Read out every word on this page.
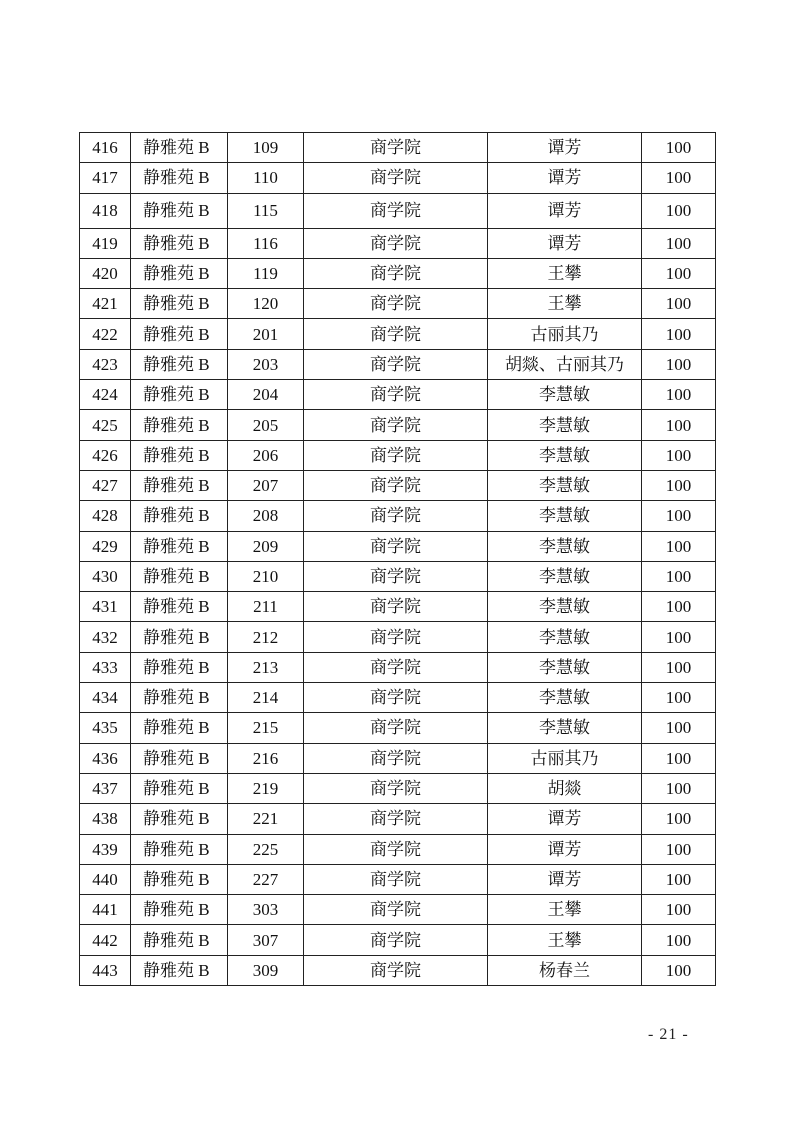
416	静雅苑 B	109	商学院	谭芳	100
417	静雅苑 B	110	商学院	谭芳	100
418	静雅苑 B	115	商学院	谭芳	100
419	静雅苑 B	116	商学院	谭芳	100
420	静雅苑 B	119	商学院	王攀	100
421	静雅苑 B	120	商学院	王攀	100
422	静雅苑 B	201	商学院	古丽其乃	100
423	静雅苑 B	203	商学院	胡燚、古丽其乃	100
424	静雅苑 B	204	商学院	李慧敏	100
425	静雅苑 B	205	商学院	李慧敏	100
426	静雅苑 B	206	商学院	李慧敏	100
427	静雅苑 B	207	商学院	李慧敏	100
428	静雅苑 B	208	商学院	李慧敏	100
429	静雅苑 B	209	商学院	李慧敏	100
430	静雅苑 B	210	商学院	李慧敏	100
431	静雅苑 B	211	商学院	李慧敏	100
432	静雅苑 B	212	商学院	李慧敏	100
433	静雅苑 B	213	商学院	李慧敏	100
434	静雅苑 B	214	商学院	李慧敏	100
435	静雅苑 B	215	商学院	李慧敏	100
436	静雅苑 B	216	商学院	古丽其乃	100
437	静雅苑 B	219	商学院	胡燚	100
438	静雅苑 B	221	商学院	谭芳	100
439	静雅苑 B	225	商学院	谭芳	100
440	静雅苑 B	227	商学院	谭芳	100
441	静雅苑 B	303	商学院	王攀	100
442	静雅苑 B	307	商学院	王攀	100
443	静雅苑 B	309	商学院	杨春兰	100
- 21 -
